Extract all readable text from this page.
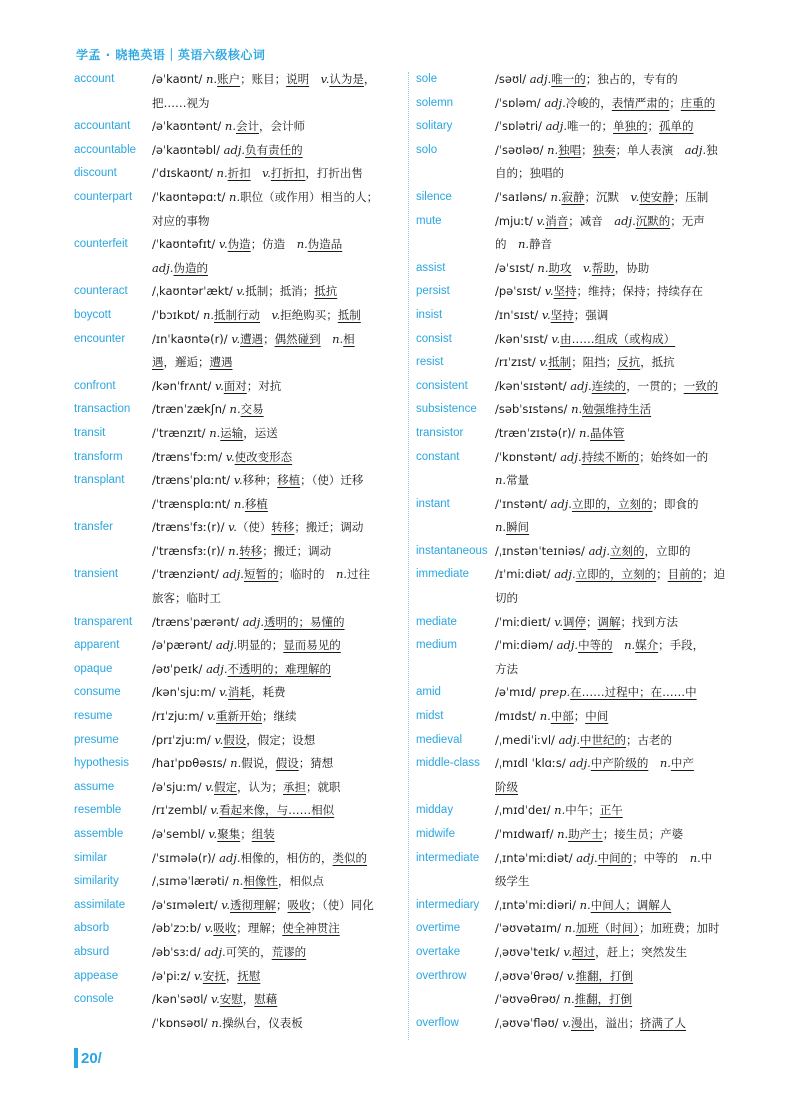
学孟 · 晓艳英语｜英语六级核心词
account	/əˈkaʊnt/ n.账户；账目；说明　 v.认为是，
把……视为
accountant	/əˈkaʊntənt/ n.会计，会计师
accountable	/əˈkaʊntəbl/ adj.负有责任的
discount	/ˈdɪskaʊnt/ n.折扣　 v.打折扣，打折出售
counterpart	/ˈkaʊntəpɑːt/ n.职位（或作用）相当的人；
对应的事物
counterfeit	/ˈkaʊntəfɪt/ v.伪造；仿造　n.伪造品
adj.伪造的
counteract	/ˌkaʊntərˈækt/ v.抵制；抵消；抵抗
boycott	/ˈbɔɪkɒt/ n.抵制行动　 v.拒绝购买；抵制
encounter	/ɪnˈkaʊntə(r)/ v.遭遇；偶然碰到　 n.相
遇，邂逅；遭遇
confront	/kənˈfrʌnt/ v.面对；对抗
transaction	/trænˈzækʃn/ n.交易
transit	/ˈtrænzɪt/ n.运输，运送
transform	/trænsˈfɔːm/ v.使改变形态
transplant	/trænsˈplɑːnt/ v.移种；移植；（使）迁移
/ˈtrænsplɑːnt/ n.移植
transfer	/trænsˈfɜː(r)/ v.（使）转移；搬迁；调动
/ˈtrænsfɜː(r)/ n.转移；搬迁；调动
transient	/ˈtrænziənt/ adj.短暂的；临时的　n.过往
旅客；临时工
transparent	/trænsˈpærənt/ adj.透明的；易懂的
apparent	/əˈpærənt/ adj.明显的；显而易见的
opaque	/əʊˈpeɪk/ adj.不透明的；难理解的
consume	/kənˈsjuːm/ v.消耗，耗费
resume	/rɪˈzjuːm/ v.重新开始；继续
presume	/prɪˈzjuːm/ v.假设，假定；设想
hypothesis	/haɪˈpɒθəsɪs/ n.假说，假设；猜想
assume	/əˈsjuːm/ v.假定，认为；承担；就职
resemble	/rɪˈzembl/ v.看起来像，与……相似
assemble	/əˈsembl/ v.聚集；组装
similar	/ˈsɪmələ(r)/ adj.相像的，相仿的，类似的
similarity	/ˌsɪməˈlærəti/ n.相像性，相似点
assimilate	/əˈsɪməleɪt/ v.透彻理解；吸收；（使）同化
absorb	/əbˈzɔːb/ v.吸收；理解；使全神贯注
absurd	/əbˈsɜːd/ adj.可笑的，荒谬的
appease	/əˈpiːz/ v.安抚，抚慰
console	/kənˈsəʊl/ v.安慰，慰藉
/ˈkɒnsəʊl/ n.操纵台，仪表板
sole	/səʊl/ adj.唯一的；独占的，专有的
solemn	/ˈsɒləm/ adj.冷峻的，表情严肃的；庄重的
solitary	/ˈsɒlətri/ adj.唯一的；单独的；孤单的
solo	/ˈsəʊləʊ/ n.独唱；独奏；单人表演　adj.独
自的；独唱的
silence	/ˈsaɪləns/ n.寂静；沉默　v.使安静；压制
mute	/mjuːt/ v.消音；减音　adj.沉默的；无声
的　n.静音
assist	/əˈsɪst/ n.助攻　 v.帮助，协助
persist	/pəˈsɪst/ v.坚持；维持；保持；持续存在
insist	/ɪnˈsɪst/ v.坚持；强调
consist	/kənˈsɪst/ v.由……组成（或构成）
resist	/rɪˈzɪst/ v.抵制；阻挡；反抗，抵抗
consistent	/kənˈsɪstənt/ adj.连续的，一贯的；一致的
subsistence	/səbˈsɪstəns/ n.勉强维持生活
transistor	/trænˈzɪstə(r)/ n.晶体管
constant	/ˈkɒnstənt/ adj.持续不断的；始终如一的
n.常量
instant	/ˈɪnstənt/ adj.立即的，立刻的；即食的
n.瞬间
instantaneous /ˌɪnstənˈteɪniəs/ adj.立刻的，立即的
immediate	/ɪˈmiːdiət/ adj.立即的，立刻的；目前的；迫
切的
mediate	/ˈmiːdieɪt/ v.调停；调解；找到方法
medium	/ˈmiːdiəm/ adj.中等的　 n.媒介；手段，
方法
amid	/əˈmɪd/ prep.在……过程中；在……中
midst	/mɪdst/ n.中部；中间
medieval	/ˌmediˈiːvl/ adj.中世纪的；古老的
middle-class	/ˌmɪdl ˈklɑːs/ adj.中产阶级的　 n.中产
阶级
midday	/ˌmɪdˈdeɪ/ n.中午；正午
midwife	/ˈmɪdwaɪf/ n.助产士；接生员；产婆
intermediate	/ˌɪntəˈmiːdiət/ adj.中间的；中等的　n.中
级学生
intermediary	/ˌɪntəˈmiːdiəri/ n.中间人；调解人
overtime	/ˈəʊvətaɪm/ n.加班（时间）；加班费；加时
overtake	/ˌəʊvəˈteɪk/ v.超过，赶上；突然发生
overthrow	/ˌəʊvəˈθrəʊ/ v.推翻，打倒
/ˈəʊvəθrəʊ/ n.推翻，打倒
overflow	/ˌəʊvəˈfləʊ/ v.漫出，溢出；挤满了人
20/
